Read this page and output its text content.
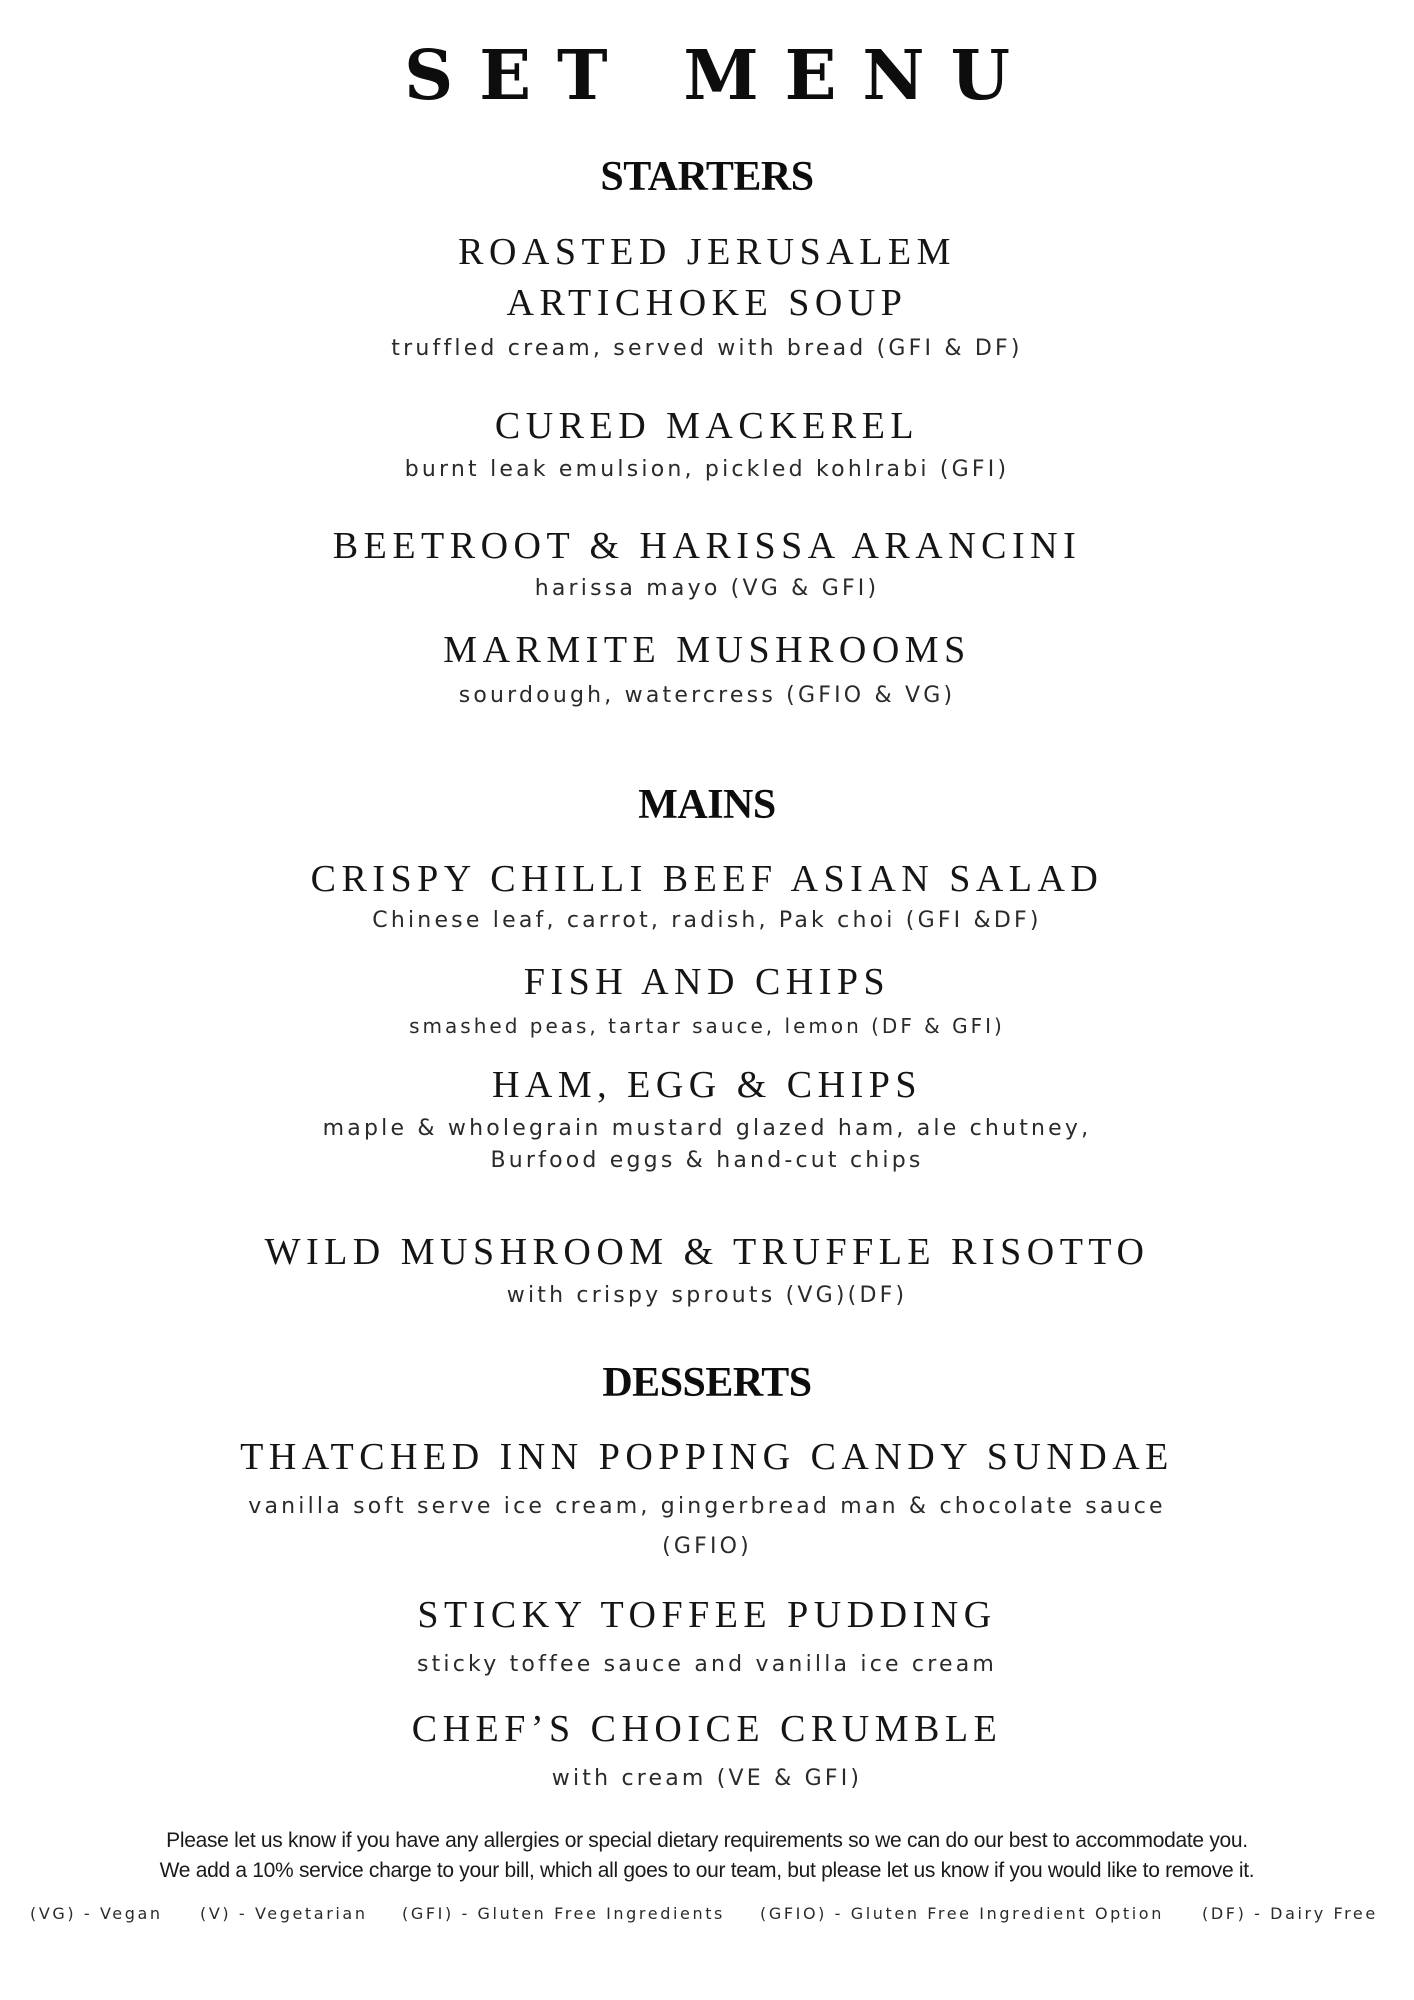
SET MENU
STARTERS
ROASTED JERUSALEM
ARTICHOKE SOUP
truffled cream, served with bread (GFI & DF)
CURED MACKEREL
burnt leak emulsion, pickled kohlrabi (GFI)
BEETROOT & HARISSA ARANCINI
harissa mayo (VG & GFI)
MARMITE MUSHROOMS
sourdough, watercress (GFIO & VG)
MAINS
CRISPY CHILLI BEEF ASIAN SALAD
Chinese leaf, carrot, radish, Pak choi (GFI &DF)
FISH AND CHIPS
smashed peas, tartar sauce, lemon (DF & GFI)
HAM, EGG & CHIPS
maple & wholegrain mustard glazed ham, ale chutney,
Burfood eggs & hand-cut chips
WILD MUSHROOM & TRUFFLE RISOTTO
with crispy sprouts (VG)(DF)
DESSERTS
THATCHED INN POPPING CANDY SUNDAE
vanilla soft serve ice cream, gingerbread man & chocolate sauce
(GFIO)
STICKY TOFFEE PUDDING
sticky toffee sauce and vanilla ice cream
CHEF’S CHOICE CRUMBLE
with cream (VE & GFI)
Please let us know if you have any allergies or special dietary requirements so we can do our best to accommodate you.
We add a 10% service charge to your bill, which all goes to our team, but please let us know if you would like to remove it.
(VG) - Vegan (V) - Vegetarian (GFI) - Gluten Free Ingredients (GFIO) - Gluten Free Ingredient Option (DF) - Dairy Free
